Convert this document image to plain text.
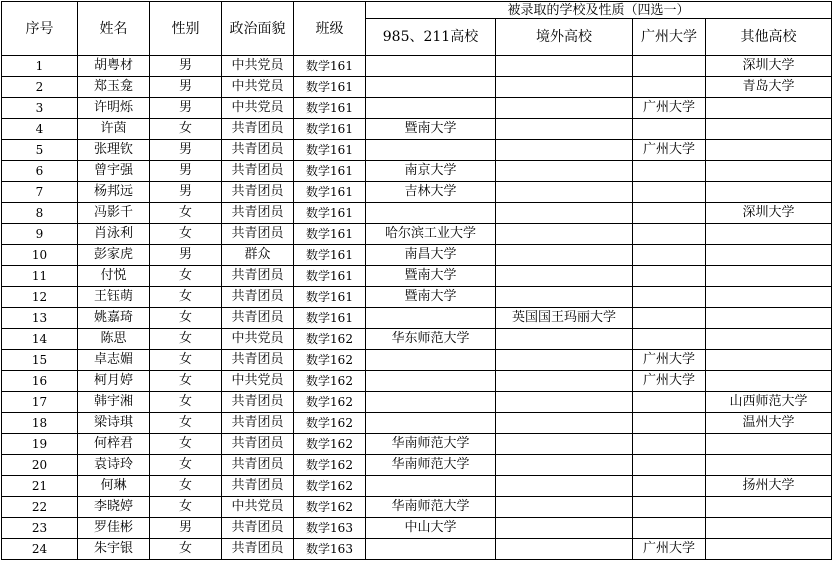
序号	姓名	性别	政治面貌	班级	被录取的学校及性质（四选一）			
					985、211高校	境外高校	广州大学	其他高校
1	胡粤材	男	中共党员	数学161				深圳大学
2	郑玉龛	男	中共党员	数学161				青岛大学
3	许明烁	男	中共党员	数学161			广州大学	
4	许茵	女	共青团员	数学161	暨南大学			
5	张理钦	男	共青团员	数学161			广州大学	
6	曾宇强	男	共青团员	数学161	南京大学			
7	杨邦远	男	共青团员	数学161	吉林大学			
8	冯影千	女	共青团员	数学161				深圳大学
9	肖泳利	女	共青团员	数学161	哈尔滨工业大学			
10	彭家虎	男	群众	数学161	南昌大学			
11	付悦	女	共青团员	数学161	暨南大学			
12	王钰萌	女	共青团员	数学161	暨南大学			
13	姚嘉琦	女	共青团员	数学161		英国国王玛丽大学		
14	陈思	女	中共党员	数学162	华东师范大学			
15	卓志媚	女	共青团员	数学162			广州大学	
16	柯月婷	女	中共党员	数学162			广州大学	
17	韩宇湘	女	共青团员	数学162				山西师范大学
18	梁诗琪	女	共青团员	数学162				温州大学
19	何梓君	女	共青团员	数学162	华南师范大学			
20	袁诗玲	女	共青团员	数学162	华南师范大学			
21	何琳	女	共青团员	数学162				扬州大学
22	李晓婷	女	中共党员	数学162	华南师范大学			
23	罗佳彬	男	共青团员	数学163	中山大学			
24	朱宇银	女	共青团员	数学163			广州大学	
